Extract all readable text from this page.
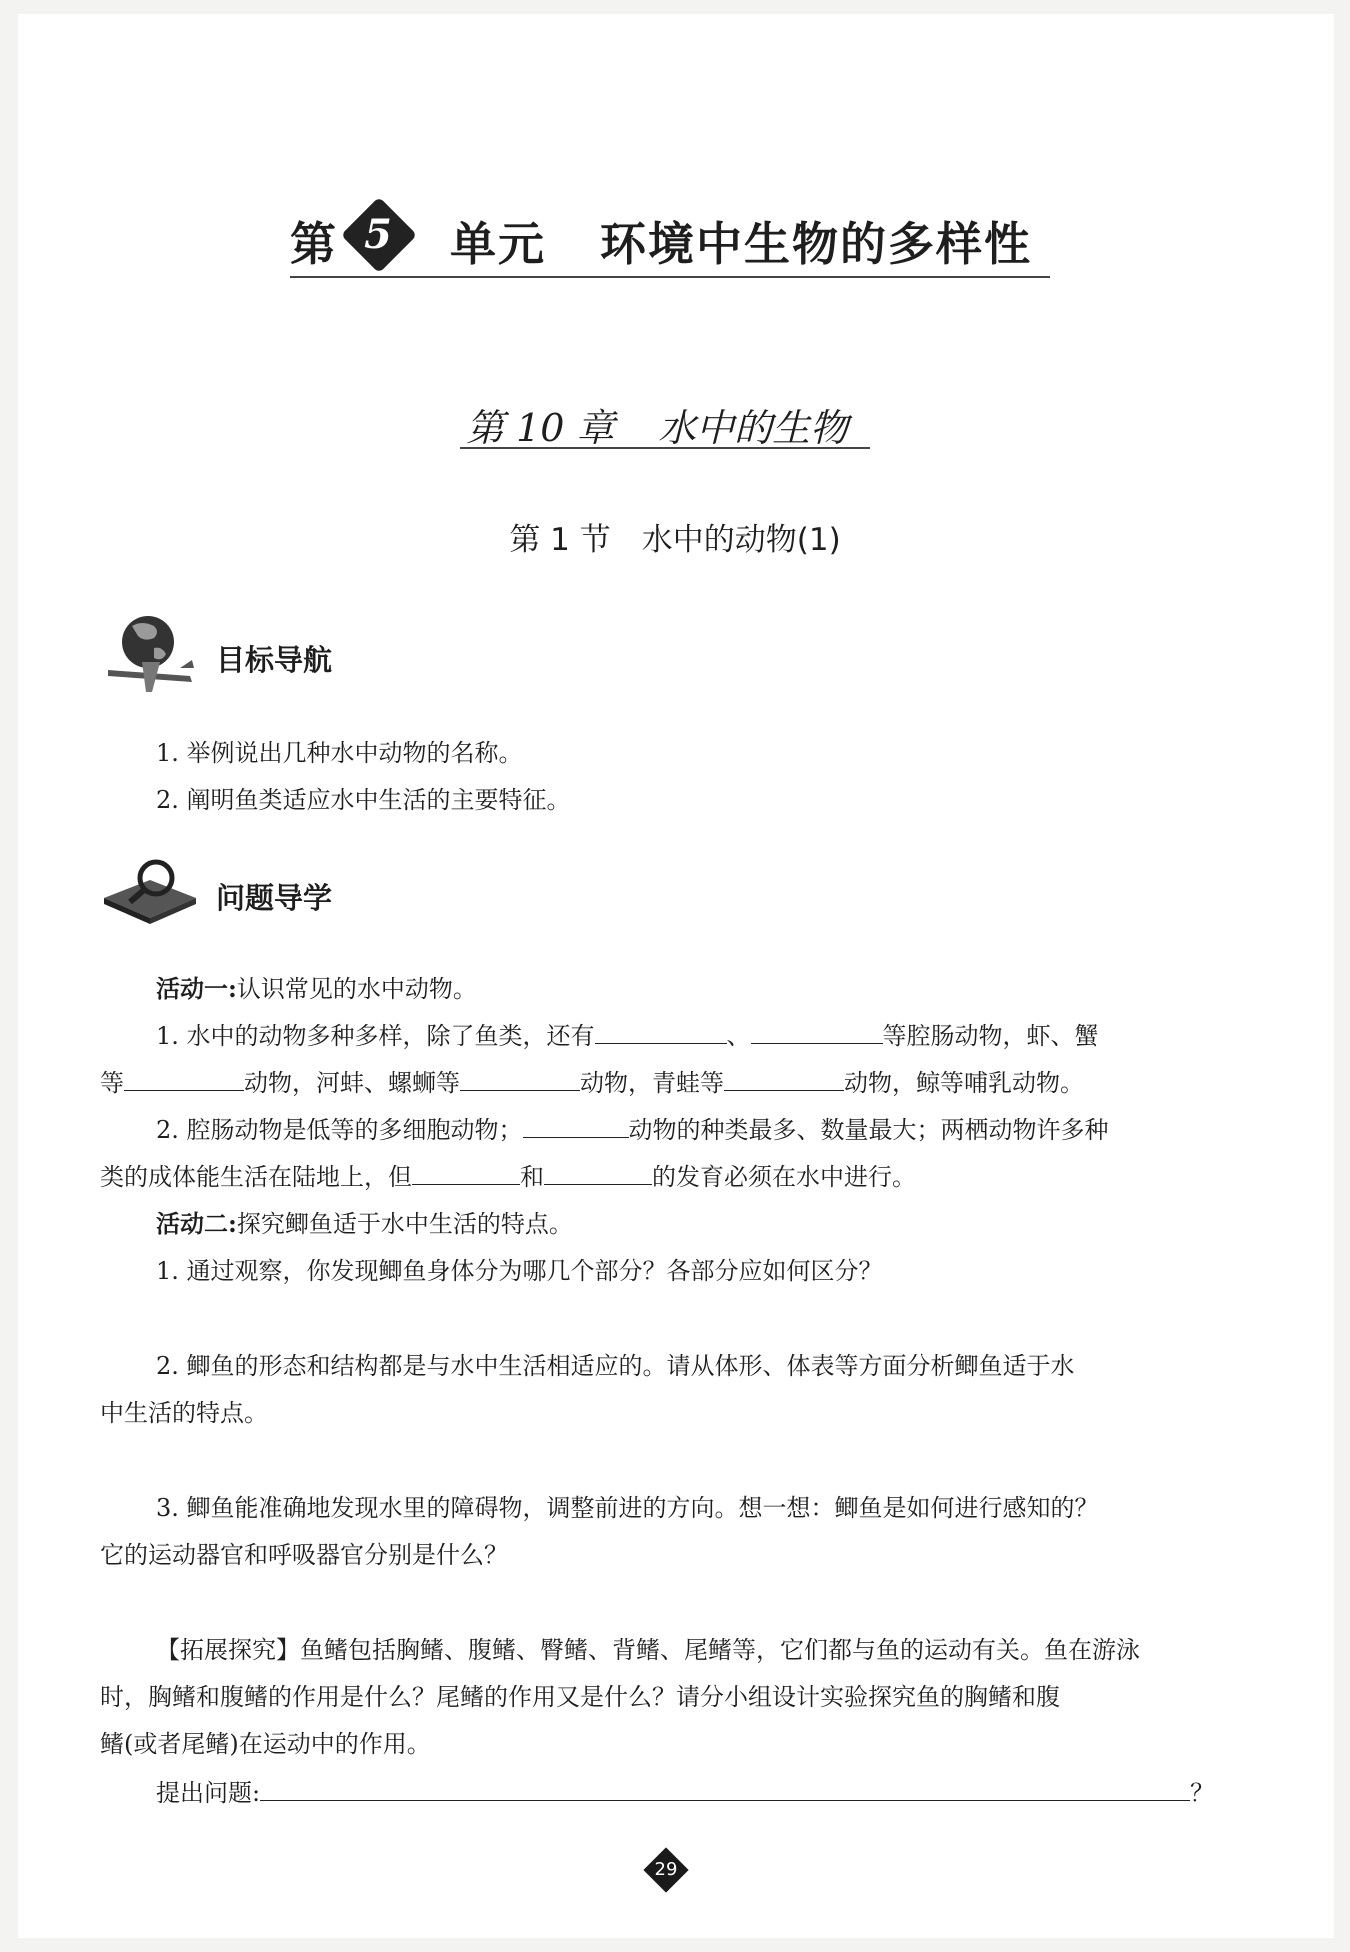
第 5 单元 环境中生物的多样性
第 10 章 水中的生物
第 1 节　水中的动物(1)
目标导航
1. 举例说出几种水中动物的名称。
2. 阐明鱼类适应水中生活的主要特征。
问题导学
活动一:认识常见的水中动物。
1. 水中的动物多种多样，除了鱼类，还有	、	等腔肠动物，虾、蟹
等	动物，河蚌、螺蛳等	动物，青蛙等	动物，鲸等哺乳动物。
2. 腔肠动物是低等的多细胞动物；	动物的种类最多、数量最大；两栖动物许多种
类的成体能生活在陆地上，但	和	的发育必须在水中进行。
活动二:探究鲫鱼适于水中生活的特点。
1. 通过观察，你发现鲫鱼身体分为哪几个部分？各部分应如何区分？
2. 鲫鱼的形态和结构都是与水中生活相适应的。请从体形、体表等方面分析鲫鱼适于水
中生活的特点。
3. 鲫鱼能准确地发现水里的障碍物，调整前进的方向。想一想：鲫鱼是如何进行感知的？
它的运动器官和呼吸器官分别是什么？
【拓展探究】鱼鳍包括胸鳍、腹鳍、臀鳍、背鳍、尾鳍等，它们都与鱼的运动有关。鱼在游泳
时，胸鳍和腹鳍的作用是什么？尾鳍的作用又是什么？请分小组设计实验探究鱼的胸鳍和腹
鳍(或者尾鳍)在运动中的作用。
提出问题:	？
29
